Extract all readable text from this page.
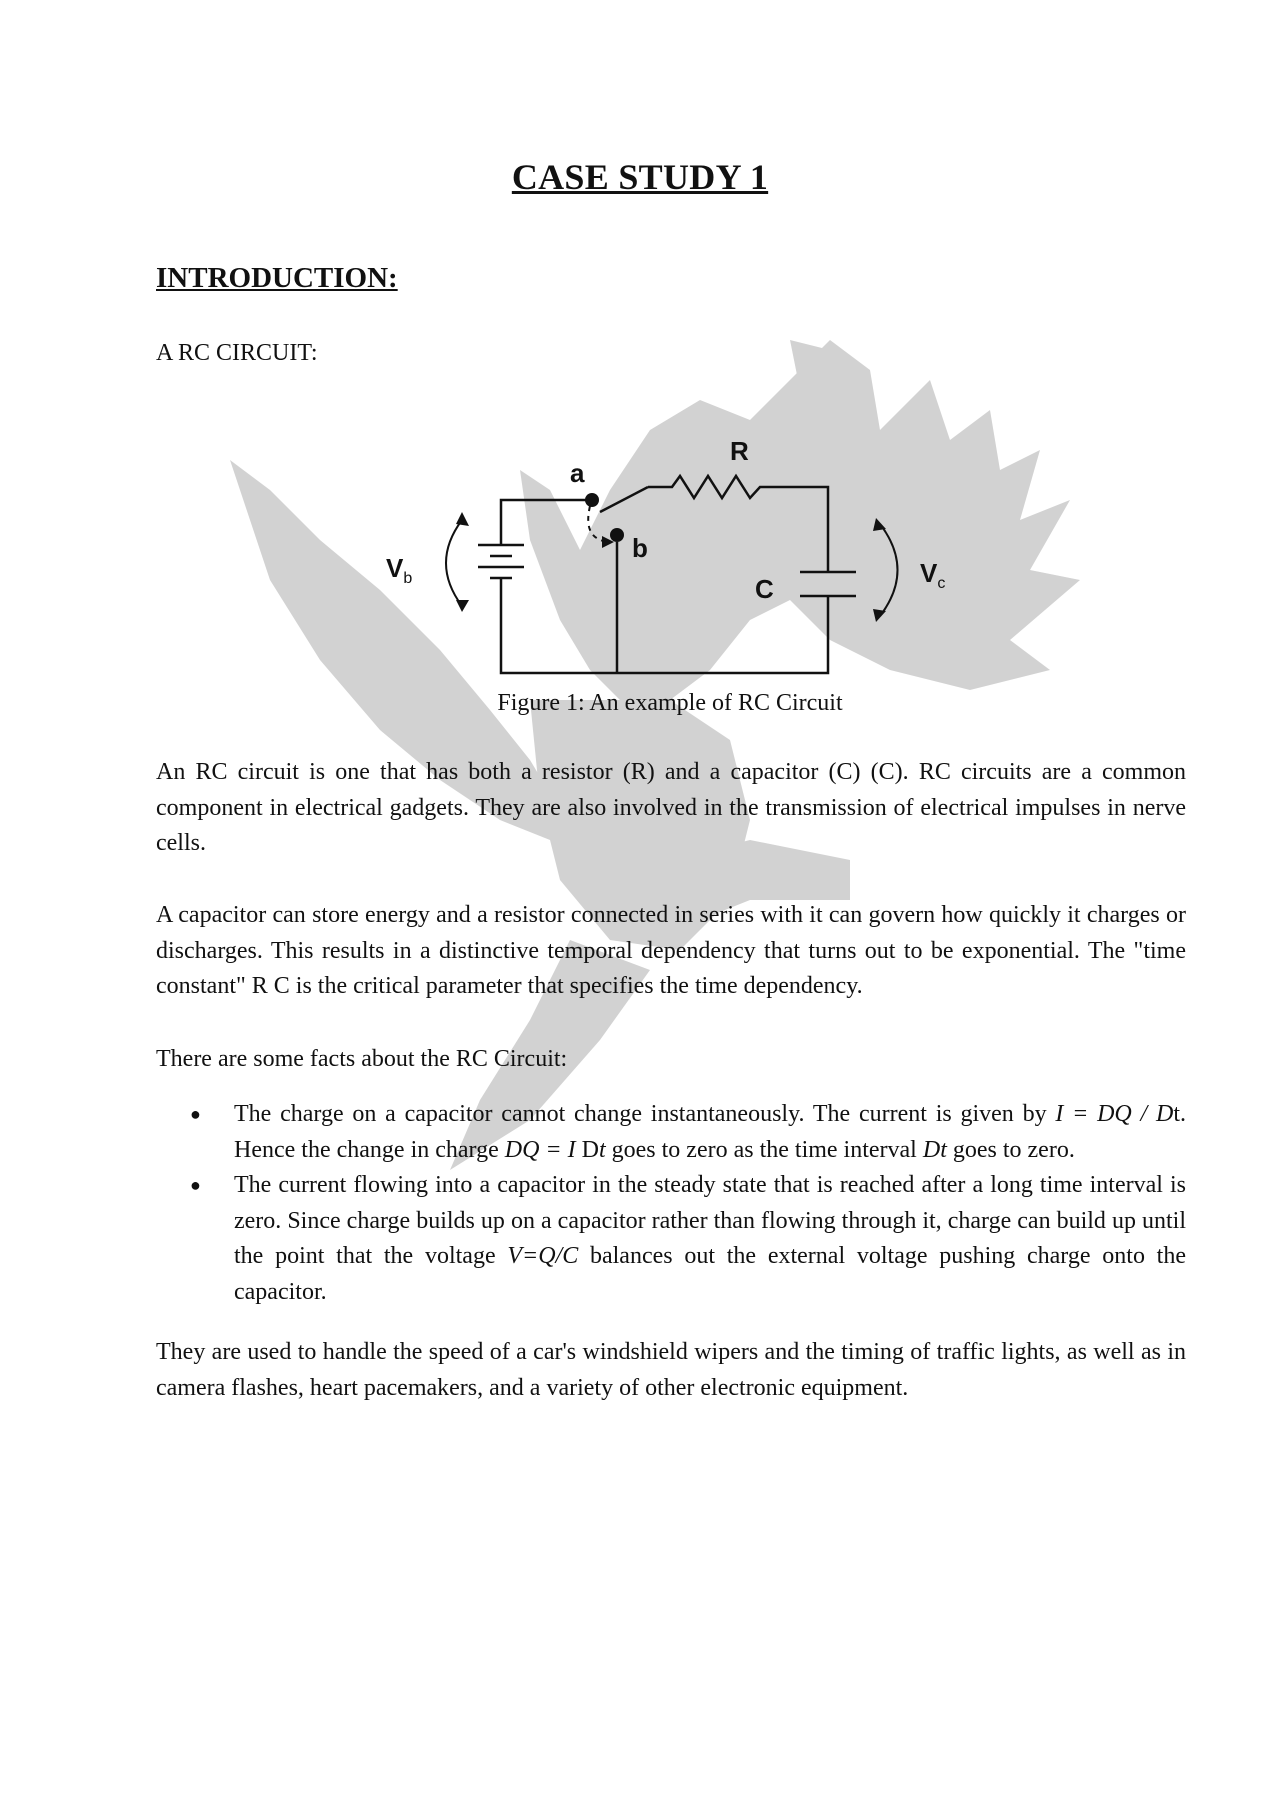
CASE STUDY 1
INTRODUCTION:

A RC CIRCUIT:

a
b
R
C
$V_b$	$V_c$
Figure 1: An example of RC Circuit

An RC circuit is one that has both a resistor (R) and a capacitor (C) (C). RC circuits are a common component in electrical gadgets. They are also involved in the transmission of electrical impulses in nerve cells.

A capacitor can store energy and a resistor connected in series with it can govern how quickly it charges or discharges. This results in a distinctive temporal dependency that turns out to be exponential. The "time constant" R C is the critical parameter that specifies the time dependency.

There are some facts about the RC Circuit:

● The charge on a capacitor cannot change instantaneously. The current is given by I = DQ / Dt. Hence the change in charge DQ = I Dt goes to zero as the time interval Dt goes to zero.
● The current flowing into a capacitor in the steady state that is reached after a long time interval is zero. Since charge builds up on a capacitor rather than flowing through it, charge can build up until the point that the voltage V=Q/C balances out the external voltage pushing charge onto the capacitor.

They are used to handle the speed of a car's windshield wipers and the timing of traffic lights, as well as in camera flashes, heart pacemakers, and a variety of other electronic equipment.
